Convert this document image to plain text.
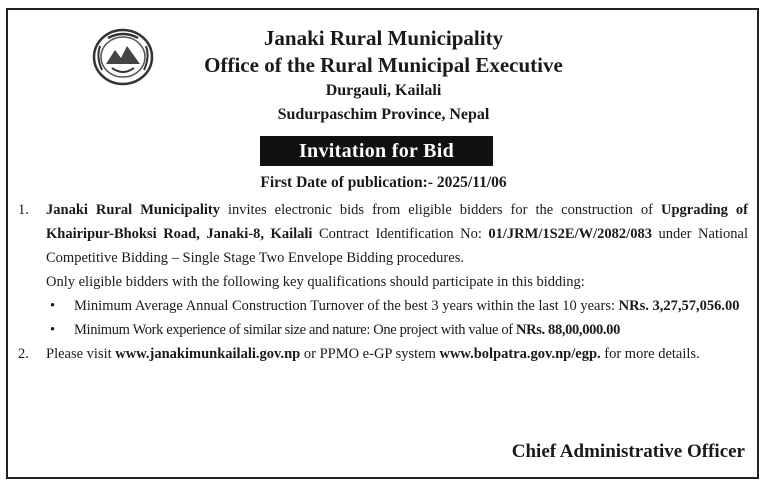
Janaki Rural Municipality
Office of the Rural Municipal Executive
Durgauli, Kailali
Sudurpaschim Province, Nepal
Invitation for Bid
First Date of publication:- 2025/11/06
1. Janaki Rural Municipality invites electronic bids from eligible bidders for the construction of Upgrading of Khairipur-Bhoksi Road, Janaki-8, Kailali Contract Identification No: 01/JRM/1S2E/W/2082/083 under National Competitive Bidding – Single Stage Two Envelope Bidding procedures.
Only eligible bidders with the following key qualifications should participate in this bidding:
• Minimum Average Annual Construction Turnover of the best 3 years within the last 10 years: NRs. 3,27,57,056.00
• Minimum Work experience of similar size and nature: One project with value of NRs. 88,00,000.00
2. Please visit www.janakimunkailali.gov.np or PPMO e-GP system www.bolpatra.gov.np/egp. for more details.
Chief Administrative Officer
